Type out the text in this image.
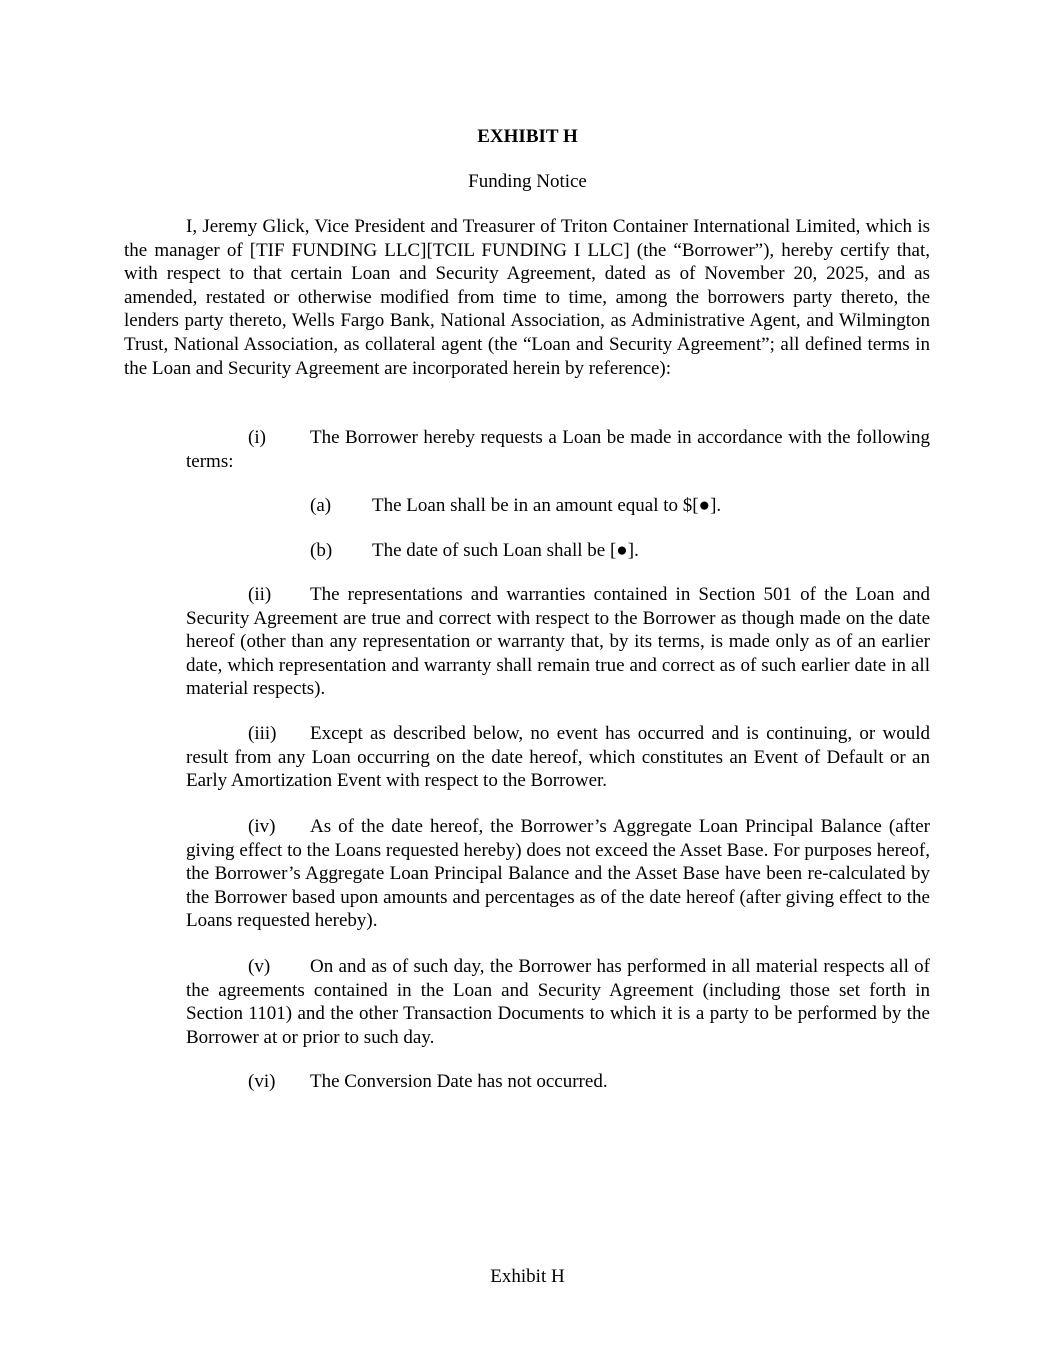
EXHIBIT H
Funding Notice

I, Jeremy Glick, Vice President and Treasurer of Triton Container International Limited, which is the manager of [TIF FUNDING LLC][TCIL FUNDING I LLC] (the “Borrower”), hereby certify that, with respect to that certain Loan and Security Agreement, dated as of November 20, 2025, and as amended, restated or otherwise modified from time to time, among the borrowers party thereto, the lenders party thereto, Wells Fargo Bank, National Association, as Administrative Agent, and Wilmington Trust, National Association, as collateral agent (the “Loan and Security Agreement”; all defined terms in the Loan and Security Agreement are incorporated herein by reference):

(i) The Borrower hereby requests a Loan be made in accordance with the following terms:

(a) The Loan shall be in an amount equal to $[●].

(b) The date of such Loan shall be [●].

(ii) The representations and warranties contained in Section 501 of the Loan and Security Agreement are true and correct with respect to the Borrower as though made on the date hereof (other than any representation or warranty that, by its terms, is made only as of an earlier date, which representation and warranty shall remain true and correct as of such earlier date in all material respects).

(iii) Except as described below, no event has occurred and is continuing, or would result from any Loan occurring on the date hereof, which constitutes an Event of Default or an Early Amortization Event with respect to the Borrower.

(iv) As of the date hereof, the Borrower’s Aggregate Loan Principal Balance (after giving effect to the Loans requested hereby) does not exceed the Asset Base. For purposes hereof, the Borrower’s Aggregate Loan Principal Balance and the Asset Base have been re-calculated by the Borrower based upon amounts and percentages as of the date hereof (after giving effect to the Loans requested hereby).

(v) On and as of such day, the Borrower has performed in all material respects all of the agreements contained in the Loan and Security Agreement (including those set forth in Section 1101) and the other Transaction Documents to which it is a party to be performed by the Borrower at or prior to such day.

(vi) The Conversion Date has not occurred.

Exhibit H
